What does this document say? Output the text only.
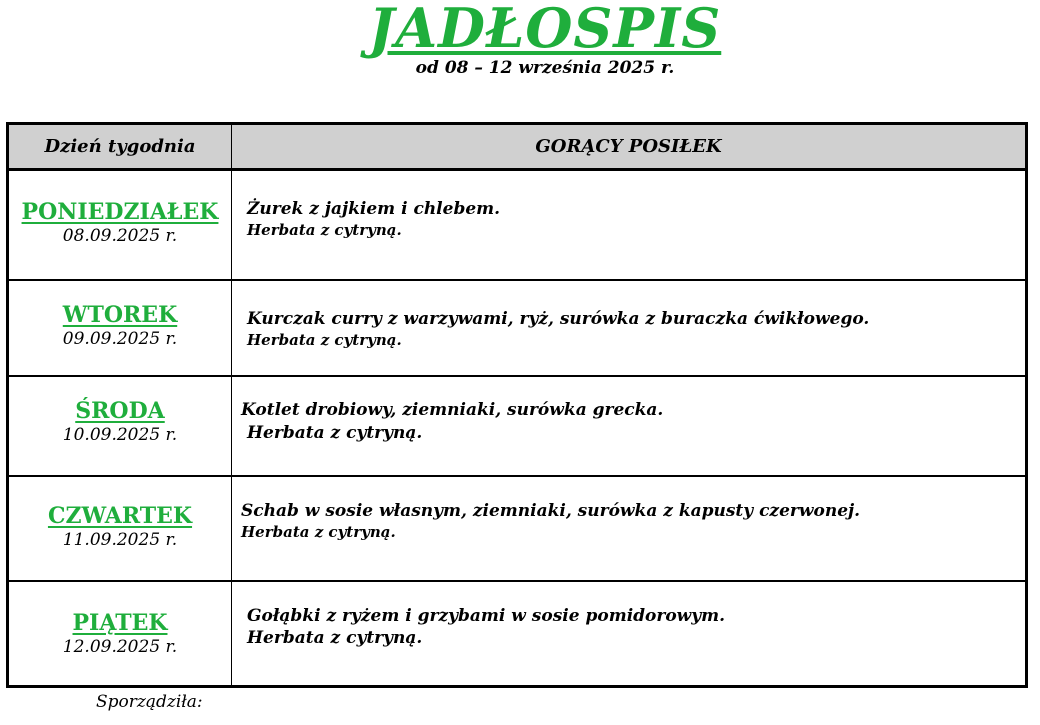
JADŁOSPIS
od 08 – 12 września 2025 r.
Dzień tygodnia	GORĄCY POSIŁEK
PONIEDZIAŁEK
08.09.2025 r.
Żurek z jajkiem i chlebem.
Herbata z cytryną.
WTOREK
09.09.2025 r.
Kurczak curry z warzywami, ryż, surówka z buraczka ćwikłowego.
Herbata z cytryną.
ŚRODA
10.09.2025 r.
Kotlet drobiowy, ziemniaki, surówka grecka.
Herbata z cytryną.
CZWARTEK
11.09.2025 r.
Schab w sosie własnym, ziemniaki, surówka z kapusty czerwonej.
Herbata z cytryną.
PIĄTEK
12.09.2025 r.
Gołąbki z ryżem i grzybami w sosie pomidorowym.
Herbata z cytryną.
Sporządziła:
